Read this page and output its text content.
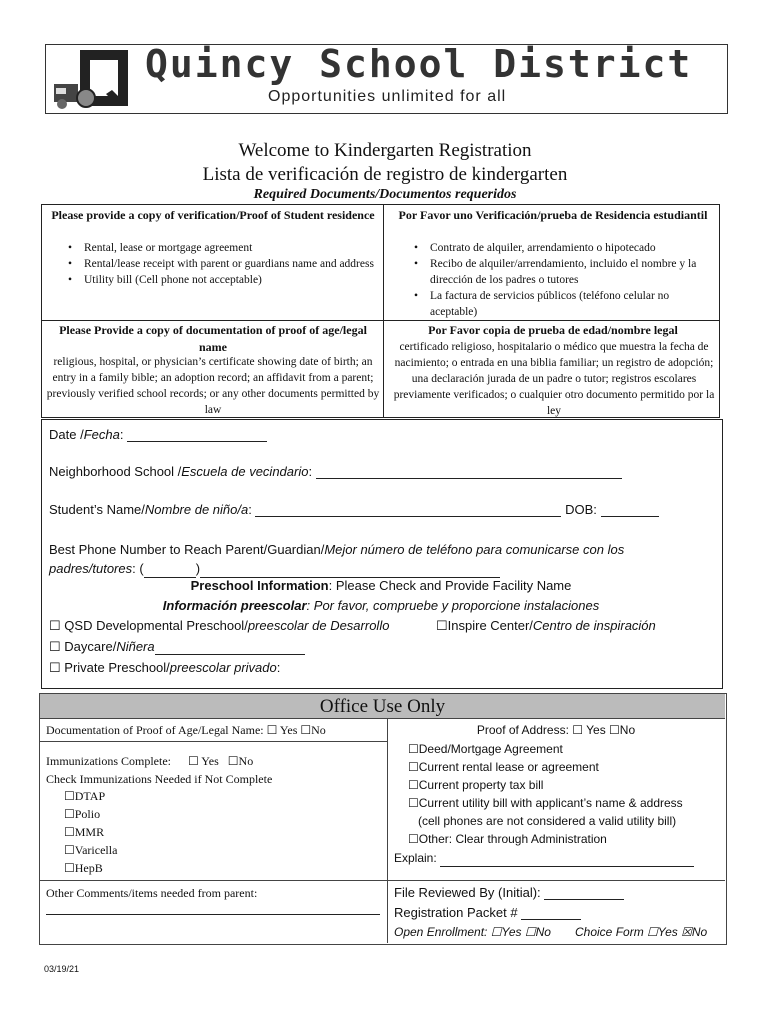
Quincy School District
Opportunities unlimited for all
Welcome to Kindergarten Registration
Lista de verificación de registro de kindergarten
Required Documents/Documentos requeridos
Please provide a copy of verification/Proof of Student residence
• Rental, lease or mortgage agreement
• Rental/lease receipt with parent or guardians name and address
• Utility bill (Cell phone not acceptable)
Por Favor uno Verificación/prueba de Residencia estudiantil
• Contrato de alquiler, arrendamiento o hipotecado
• Recibo de alquiler/arrendamiento, incluido el nombre y la dirección de los padres o tutores
• La factura de servicios públicos (teléfono celular no aceptable)
Please Provide a copy of documentation of proof of age/legal name
religious, hospital, or physician’s certificate showing date of birth; an entry in a family bible; an adoption record; an affidavit from a parent; previously verified school records; or any other documents permitted by law
Por Favor copia de prueba de edad/nombre legal
certificado religioso, hospitalario o médico que muestra la fecha de nacimiento; o entrada en una biblia familiar; un registro de adopción; una declaración jurada de un padre o tutor; registros escolares previamente verificados; o cualquier otro documento permitido por la ley
Date /Fecha:
Neighborhood School /Escuela de vecindario:
Student’s Name/Nombre de niño/a:	DOB:
Best Phone Number to Reach Parent/Guardian/Mejor número de teléfono para comunicarse con los padres/tutores: (	)
Preschool Information: Please Check and Provide Facility Name
Información preescolar: Por favor, compruebe y proporcione instalaciones
☐ QSD Developmental Preschool/preescolar de Desarrollo	☐Inspire Center/Centro de inspiración
☐ Daycare/Niñera
☐ Private Preschool/preescolar privado:
Office Use Only
Documentation of Proof of Age/Legal Name: ☐ Yes ☐No
Immunizations Complete: ☐ Yes ☐No
Check Immunizations Needed if Not Complete
☐DTAP
☐Polio
☐MMR
☐Varicella
☐HepB
Proof of Address: ☐ Yes ☐No
☐Deed/Mortgage Agreement
☐Current rental lease or agreement
☐Current property tax bill
☐Current utility bill with applicant’s name & address
(cell phones are not considered a valid utility bill)
☐Other: Clear through Administration
Explain:
Other Comments/items needed from parent:	File Reviewed By (Initial):
Registration Packet #
Open Enrollment: ☐Yes ☐No Choice Form ☐Yes ☒No
03/19/21
